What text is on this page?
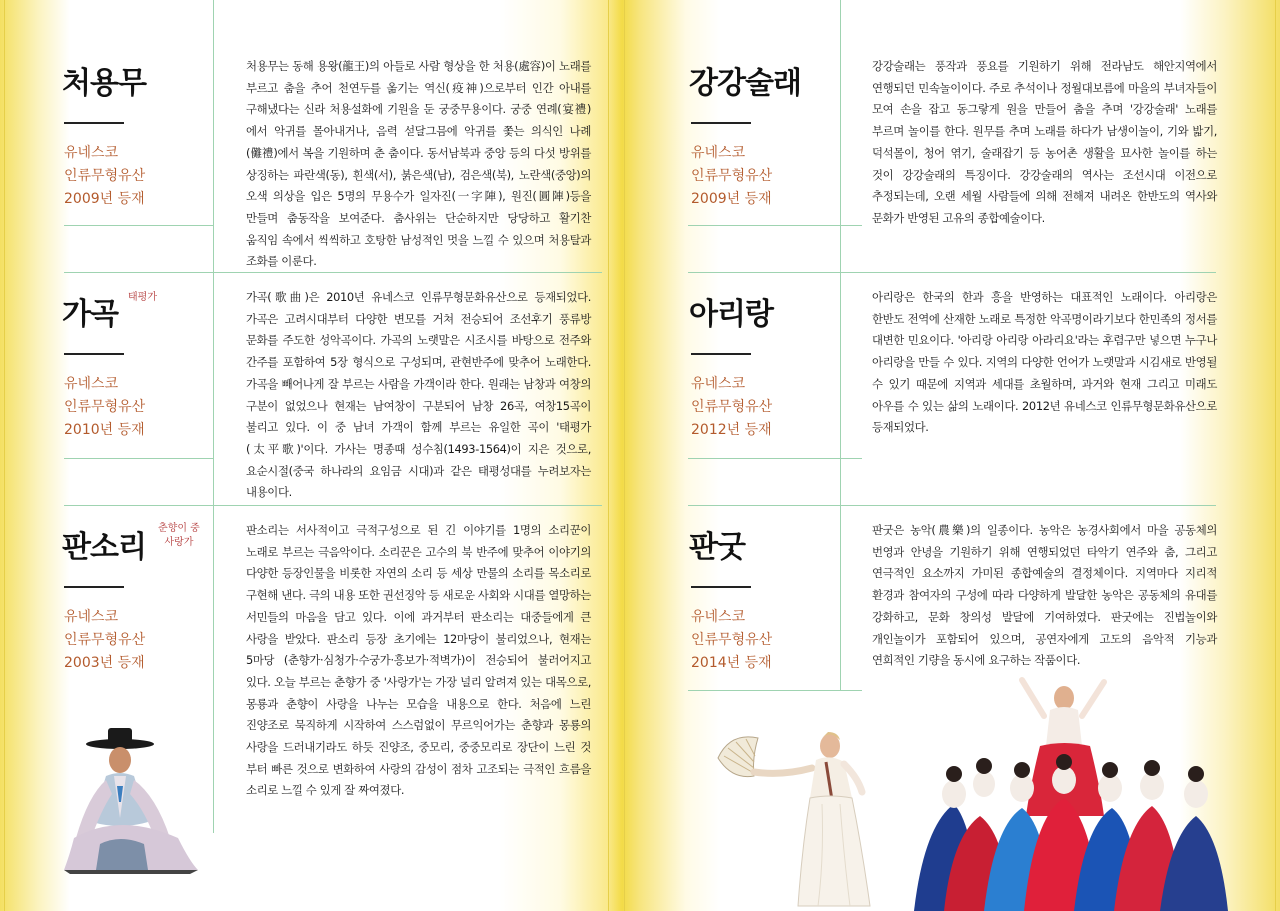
처용무
유네스코
인류무형유산
2009년 등재
처용무는 동해 용왕(龍王)의 아들로 사람 형상을 한 처용(處容)이 노래를 부르고 춤을 추어 천연두를 옮기는 역신(疫神)으로부터 인간 아내를 구해냈다는 신라 처용설화에 기원을 둔 궁중무용이다. 궁중 연례(宴禮)에서 악귀를 몰아내거나, 음력 섣달그믐에 악귀를 쫓는 의식인 나례(儺禮)에서 복을 기원하며 춘 춤이다. 동서남북과 중앙 등의 다섯 방위를 상징하는 파란색(동), 흰색(서), 붉은색(남), 검은색(북), 노란색(중앙)의 오색 의상을 입은 5명의 무용수가 일자진(一字陣), 원진(圓陣)등을 만들며 춤동작을 보여준다. 춤사위는 단순하지만 당당하고 활기찬 움직임 속에서 씩씩하고 호탕한 남성적인 멋을 느낄 수 있으며 처용탈과 조화를 이룬다.
가곡 태평가
유네스코
인류무형유산
2010년 등재
가곡(歌曲)은 2010년 유네스코 인류무형문화유산으로 등재되었다. 가곡은 고려시대부터 다양한 변모를 거쳐 전승되어 조선후기 풍류방 문화를 주도한 성악곡이다. 가곡의 노랫말은 시조시를 바탕으로 전주와 간주를 포함하여 5장 형식으로 구성되며, 관현반주에 맞추어 노래한다. 가곡을 빼어나게 잘 부르는 사람을 가객이라 한다. 원래는 남창과 여창의 구분이 없었으나 현재는 남여창이 구분되어 남창 26곡, 여창15곡이 불리고 있다. 이 중 남녀 가객이 함께 부르는 유일한 곡이 '태평가(太平歌)'이다. 가사는 명종때 성수침(1493-1564)이 지은 것으로, 요순시절(중국 하나라의 요임금 시대)과 같은 태평성대를 누려보자는 내용이다.
판소리
춘향이 중
사랑가
유네스코
인류무형유산
2003년 등재
판소리는 서사적이고 극적구성으로 된 긴 이야기를 1명의 소리꾼이 노래로 부르는 극음악이다. 소리꾼은 고수의 북 반주에 맞추어 이야기의 다양한 등장인물을 비롯한 자연의 소리 등 세상 만물의 소리를 목소리로 구현해 낸다. 극의 내용 또한 권선징악 등 새로운 사회와 시대를 열망하는 서민들의 마음을 담고 있다. 이에 과거부터 판소리는 대중들에게 큰 사랑을 받았다. 판소리 등장 초기에는 12마당이 불리었으나, 현재는 5마당 (춘향가·심청가·수궁가·흥보가·적벽가)이 전승되어 불러어지고 있다. 오늘 부르는 춘향가 중 '사랑가'는 가장 널리 알려져 있는 대목으로, 몽룡과 춘향이 사랑을 나누는 모습을 내용으로 한다. 처음에 느린 진양조로 묵직하게 시작하여 스스럼없이 무르익어가는 춘향과 몽룡의 사랑을 드러내기라도 하듯 진양조, 중모리, 중중모리로 장단이 느린 것 부터 빠른 것으로 변화하여 사랑의 감성이 점차 고조되는 극적인 흐름을 소리로 느낄 수 있게 잘 짜여졌다.
강강술래
유네스코
인류무형유산
2009년 등재
강강술래는 풍작과 풍요를 기원하기 위해 전라남도 해안지역에서 연행되던 민속놀이이다. 주로 추석이나 정월대보름에 마을의 부녀자들이 모여 손을 잡고 동그랗게 원을 만들어 춤을 추며 '강강술래' 노래를 부르며 놀이를 한다. 원무를 추며 노래를 하다가 남생이놀이, 기와 밟기, 덕석몰이, 청어 엮기, 술래잡기 등 농어촌 생활을 묘사한 놀이를 하는 것이 강강술래의 특징이다. 강강술래의 역사는 조선시대 이전으로 추정되는데, 오랜 세월 사람들에 의해 전해져 내려온 한반도의 역사와 문화가 반영된 고유의 종합예술이다.
아리랑
유네스코
인류무형유산
2012년 등재
아리랑은 한국의 한과 흥을 반영하는 대표적인 노래이다. 아리랑은 한반도 전역에 산재한 노래로 특정한 악곡명이라기보다 한민족의 정서를 대변한 민요이다. '아리랑 아리랑 아라리요'라는 후렴구만 넣으면 누구나 아리랑을 만들 수 있다. 지역의 다양한 언어가 노랫말과 시김새로 반영될 수 있기 때문에 지역과 세대를 초월하며, 과거와 현재 그리고 미래도 아우를 수 있는 삶의 노래이다. 2012년 유네스코 인류무형문화유산으로 등재되었다.
판굿
유네스코
인류무형유산
2014년 등재
판굿은 농악(農樂)의 일종이다. 농악은 농경사회에서 마을 공동체의 번영과 안녕을 기원하기 위해 연행되었던 타악기 연주와 춤, 그리고 연극적인 요소까지 가미된 종합예술의 결정체이다. 지역마다 지리적 환경과 참여자의 구성에 따라 다양하게 발달한 농악은 공동체의 유대를 강화하고, 문화 창의성 발달에 기여하였다. 판굿에는 진법놀이와 개인놀이가 포함되어 있으며, 공연자에게 고도의 음악적 기능과 연희적인 기량을 동시에 요구하는 작품이다.
